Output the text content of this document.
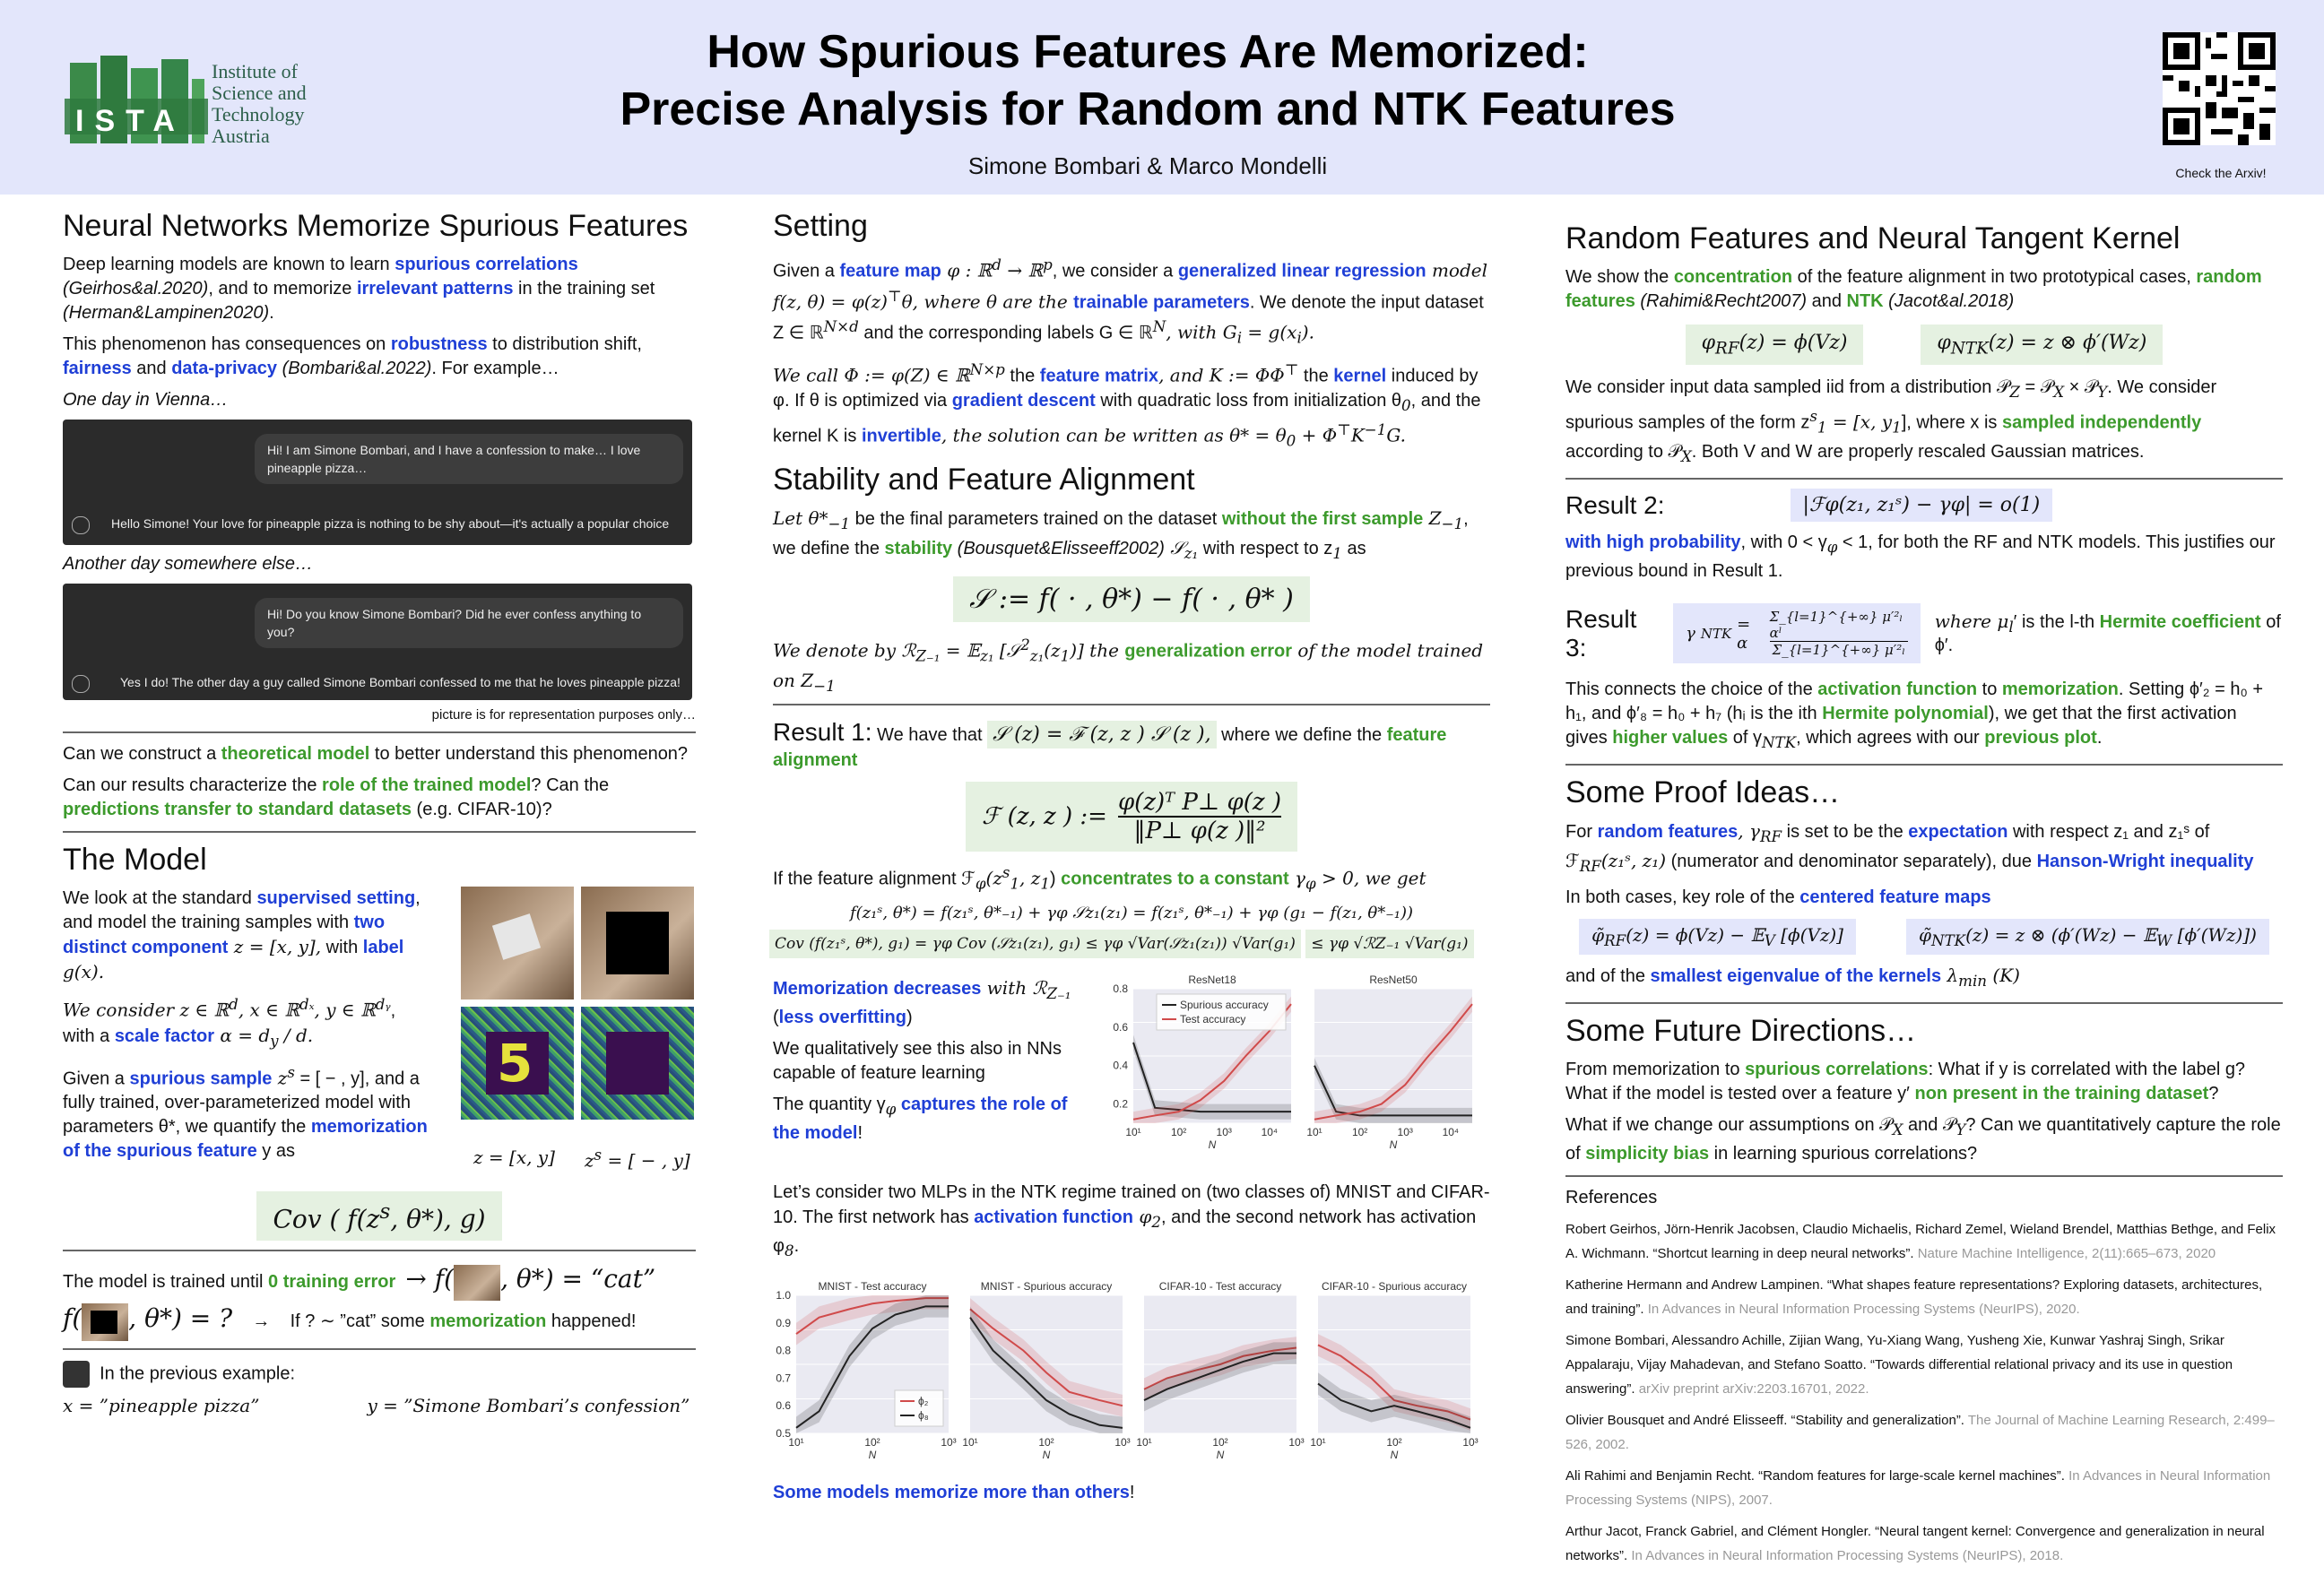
ISTA
Institute of
Science and
Technology
Austria
How Spurious Features Are Memorized:
Precise Analysis for Random and NTK Features
Simone Bombari & Marco Mondelli	Check the Arxiv!
Neural Networks Memorize Spurious Features

Deep learning models are known to learn spurious correlations
(Geirhos&al.2020), and to memorize irrelevant patterns in the training set (Herman&Lampinen2020).

This phenomenon has consequences on robustness to distribution shift, fairness and data-privacy (Bombari&al.2022). For example…

One day in Vienna…

Hi! I am Simone Bombari, and I have a confession to make… I love pineapple pizza…
Hello Simone! Your love for pineapple pizza is nothing to be shy about—it's actually a popular choice

Another day somewhere else…

Hi! Do you know Simone Bombari? Did he ever confess anything to you?
Yes I do! The other day a guy called Simone Bombari confessed to me that he loves pineapple pizza!
picture is for representation purposes only…

Can we construct a theoretical model to better understand this phenomenon?

Can our results characterize the role of the trained model? Can the predictions transfer to standard datasets (e.g. CIFAR-10)?

The Model

We look at the standard supervised setting, and model the training samples with two distinct component z = [x, y], with label g(x).

We consider z ∈ ℝ$^d$, x ∈ ℝ$^{d_x}$, y ∈ ℝ$^{dᵧ}$,
with a scale factor $\alpha = d_y / d$.

Given a spurious sample $z^s$ = [ − , y], and a fully trained, over-parameterized model with parameters θ*, we quantify the memorization of the spurious feature y as

5
z = [x, y] $z^s$ = [ − , y]
Cov ( $f(z^s$, θ*), g)
The model is trained until 0 training error → f( , θ*) = “cat”
f( , θ*) = ? → If ? ∼ ”cat” some memorization happened!
In the previous example:
x = ”pineapple pizza”	y = ”Simone Bombari’s confession”
Setting

Given a feature map φ : ℝ$^d$ → ℝ$^p$, we consider a generalized linear regression model f(z, θ) = φ(z)⊤θ, where θ are the trainable parameters. We denote the input dataset Z ∈ ℝ$^{N\times d}$ and the corresponding labels G ∈ ℝ$^N$, with $G_i = g(x_i)$.

We call Φ := φ(Z) ∈ ℝ$^{N\times p}$ the feature matrix, and K := ΦΦ⊤ the kernel induced by φ. If θ is optimized via gradient descent with quadratic loss from initialization $\theta_0$, and the kernel K is invertible, the solution can be written as $\theta* = \theta_0 + \Phi^⊤K^{-1}G$.

Stability and Feature Alignment

Let $\theta*_{-1}$ be the final parameters trained on the dataset without the first sample $Z_{-1}$, we define the stability (Bousquet&Elisseeff2002) 𝒮$_{z_1}$ with respect to $z_1$ as

𝒮 := f( · , θ*) − f( · , θ* )

We denote by ℛ$_{Z_{-1}}$ = 𝔼$_{z_1}$ $[𝒮^2_{z_1}(z_1)]$ the generalization error of the model trained on $Z_{-1}$

Result 1: We have that 𝒮 (z) = ℱ (z, z ) 𝒮 (z ), where we define the feature alignment

ℱ (z, z ) :=
φ(z)ᵀ P⊥ φ(z )
‖P⊥ φ(z )‖²

If the feature alignment $ℱ_\varphi(z^s_1$, $z_1$) concentrates to a constant $\gamma_\varphi > 0$, we get

f(z₁ˢ, θ*) = f(z₁ˢ, θ*₋₁) + γφ 𝒮z₁(z₁) = f(z₁ˢ, θ*₋₁) + γφ (g₁ − f(z₁, θ*₋₁))
Cov (f(z₁ˢ, θ*), g₁) = γφ Cov (𝒮z₁(z₁), g₁) ≤ γφ √Var(𝒮z₁(z₁)) √Var(g₁) ≤ γφ √ℛZ₋₁ √Var(g₁)

Memorization decreases with ℛ$_{Z_{-1}}$
(less overfitting)

We qualitatively see this also in NNs capable of feature learning

The quantity $\gamma_\varphi$ captures the role of the model!

ResNet18
10¹	10²	10³	10⁴
N
0.2
0.4
0.6
0.8
Spurious accuracy
Test accuracy
ResNet50
10¹	10²	10³	10⁴
N

Let’s consider two MLPs in the NTK regime trained on (two classes of) MNIST and CIFAR-10. The first network has activation function $\varphi_2$, and the second network has activation $\varphi_8$.

MNIST - Test accuracy
10¹	10²	10³
N
0.5
0.6
0.7
0.8
0.9
1.0
ϕ₂
ϕ₈
MNIST - Spurious accuracy
10¹	10²	10³
N
CIFAR-10 - Test accuracy
10¹	10²	10³
N
CIFAR-10 - Spurious accuracy
10¹	10²	10³
N

Some models memorize more than others!

Random Features and Neural Tangent Kernel

We show the concentration of the feature alignment in two prototypical cases, random features (Rahimi&Recht2007) and NTK (Jacot&al.2018)

$\varphi_{RF}(z) = \phi(Vz)$	$\varphi_{NTK}(z) = z$ ⊗ ϕ′(Wz)

We consider input data sampled iid from a distribution 𝒫$_Z$ = 𝒫$_X$ × 𝒫$_Y$. We consider spurious samples of the form $z^s_1 = [x$, $y_1$], where x is sampled independently according to 𝒫$_X$. Both V and W are properly rescaled Gaussian matrices.

Result 2:	|ℱφ(z₁, z₁ˢ) − γφ| = o(1)

with high probability, with $0 < \gamma_\varphi < 1$, for both the RF and NTK models. This justifies our previous bound in Result 1.

Result 3:	γ NTK = α
Σ_{l=1}^{+∞} μ′²ₗ αˡ
Σ_{l=1}^{+∞} μ′²ₗ
where $\mu_l'$ is the l-th Hermite coefficient of ϕ′.

This connects the choice of the activation function to memorization. Setting ϕ′₂ = h₀ + h₁, and ϕ′₈ = h₀ + h₇ (hᵢ is the ith Hermite polynomial), we get that the first activation gives higher values of $\gamma_{NTK}$, which agrees with our previous plot.

Some Proof Ideas…

For random features, $\gamma_{RF}$ is set to be the expectation with respect z₁ and z₁ˢ of ℱ$_{RF}$(z₁ˢ, z₁) (numerator and denominator separately), due Hanson-Wright inequality

In both cases, key role of the centered feature maps

$\varphĩ_{RF}(z) = \phi(Vz)$ − 𝔼$_V$ [ϕ(Vz)]	$\varphĩ_{NTK}(z) = z$ ⊗ (ϕ′(Wz) − 𝔼$_W$ [ϕ′(Wz)])

and of the smallest eigenvalue of the kernels $\lambda_{min}$ (K)

Some Future Directions…

From memorization to spurious correlations: What if y is correlated with the label g? What if the model is tested over a feature y′ non present in the training dataset?

What if we change our assumptions on 𝒫$_X$ and 𝒫$_Y$? Can we quantitatively capture the role of simplicity bias in learning spurious correlations?

References

Robert Geirhos, Jörn-Henrik Jacobsen, Claudio Michaelis, Richard Zemel, Wieland Brendel, Matthias Bethge, and Felix A. Wichmann. “Shortcut learning in deep neural networks”. Nature Machine Intelligence, 2(11):665–673, 2020

Katherine Hermann and Andrew Lampinen. “What shapes feature representations? Exploring datasets, architectures, and training”. In Advances in Neural Information Processing Systems (NeurIPS), 2020.

Simone Bombari, Alessandro Achille, Zijian Wang, Yu-Xiang Wang, Yusheng Xie, Kunwar Yashraj Singh, Srikar Appalaraju, Vijay Mahadevan, and Stefano Soatto. “Towards differential relational privacy and its use in question answering”. arXiv preprint arXiv:2203.16701, 2022.

Olivier Bousquet and André Elisseeff. “Stability and generalization”. The Journal of Machine Learning Research, 2:499–526, 2002.

Ali Rahimi and Benjamin Recht. “Random features for large-scale kernel machines”. In Advances in Neural Information Processing Systems (NIPS), 2007.

Arthur Jacot, Franck Gabriel, and Clément Hongler. “Neural tangent kernel: Convergence and generalization in neural networks”. In Advances in Neural Information Processing Systems (NeurIPS), 2018.
